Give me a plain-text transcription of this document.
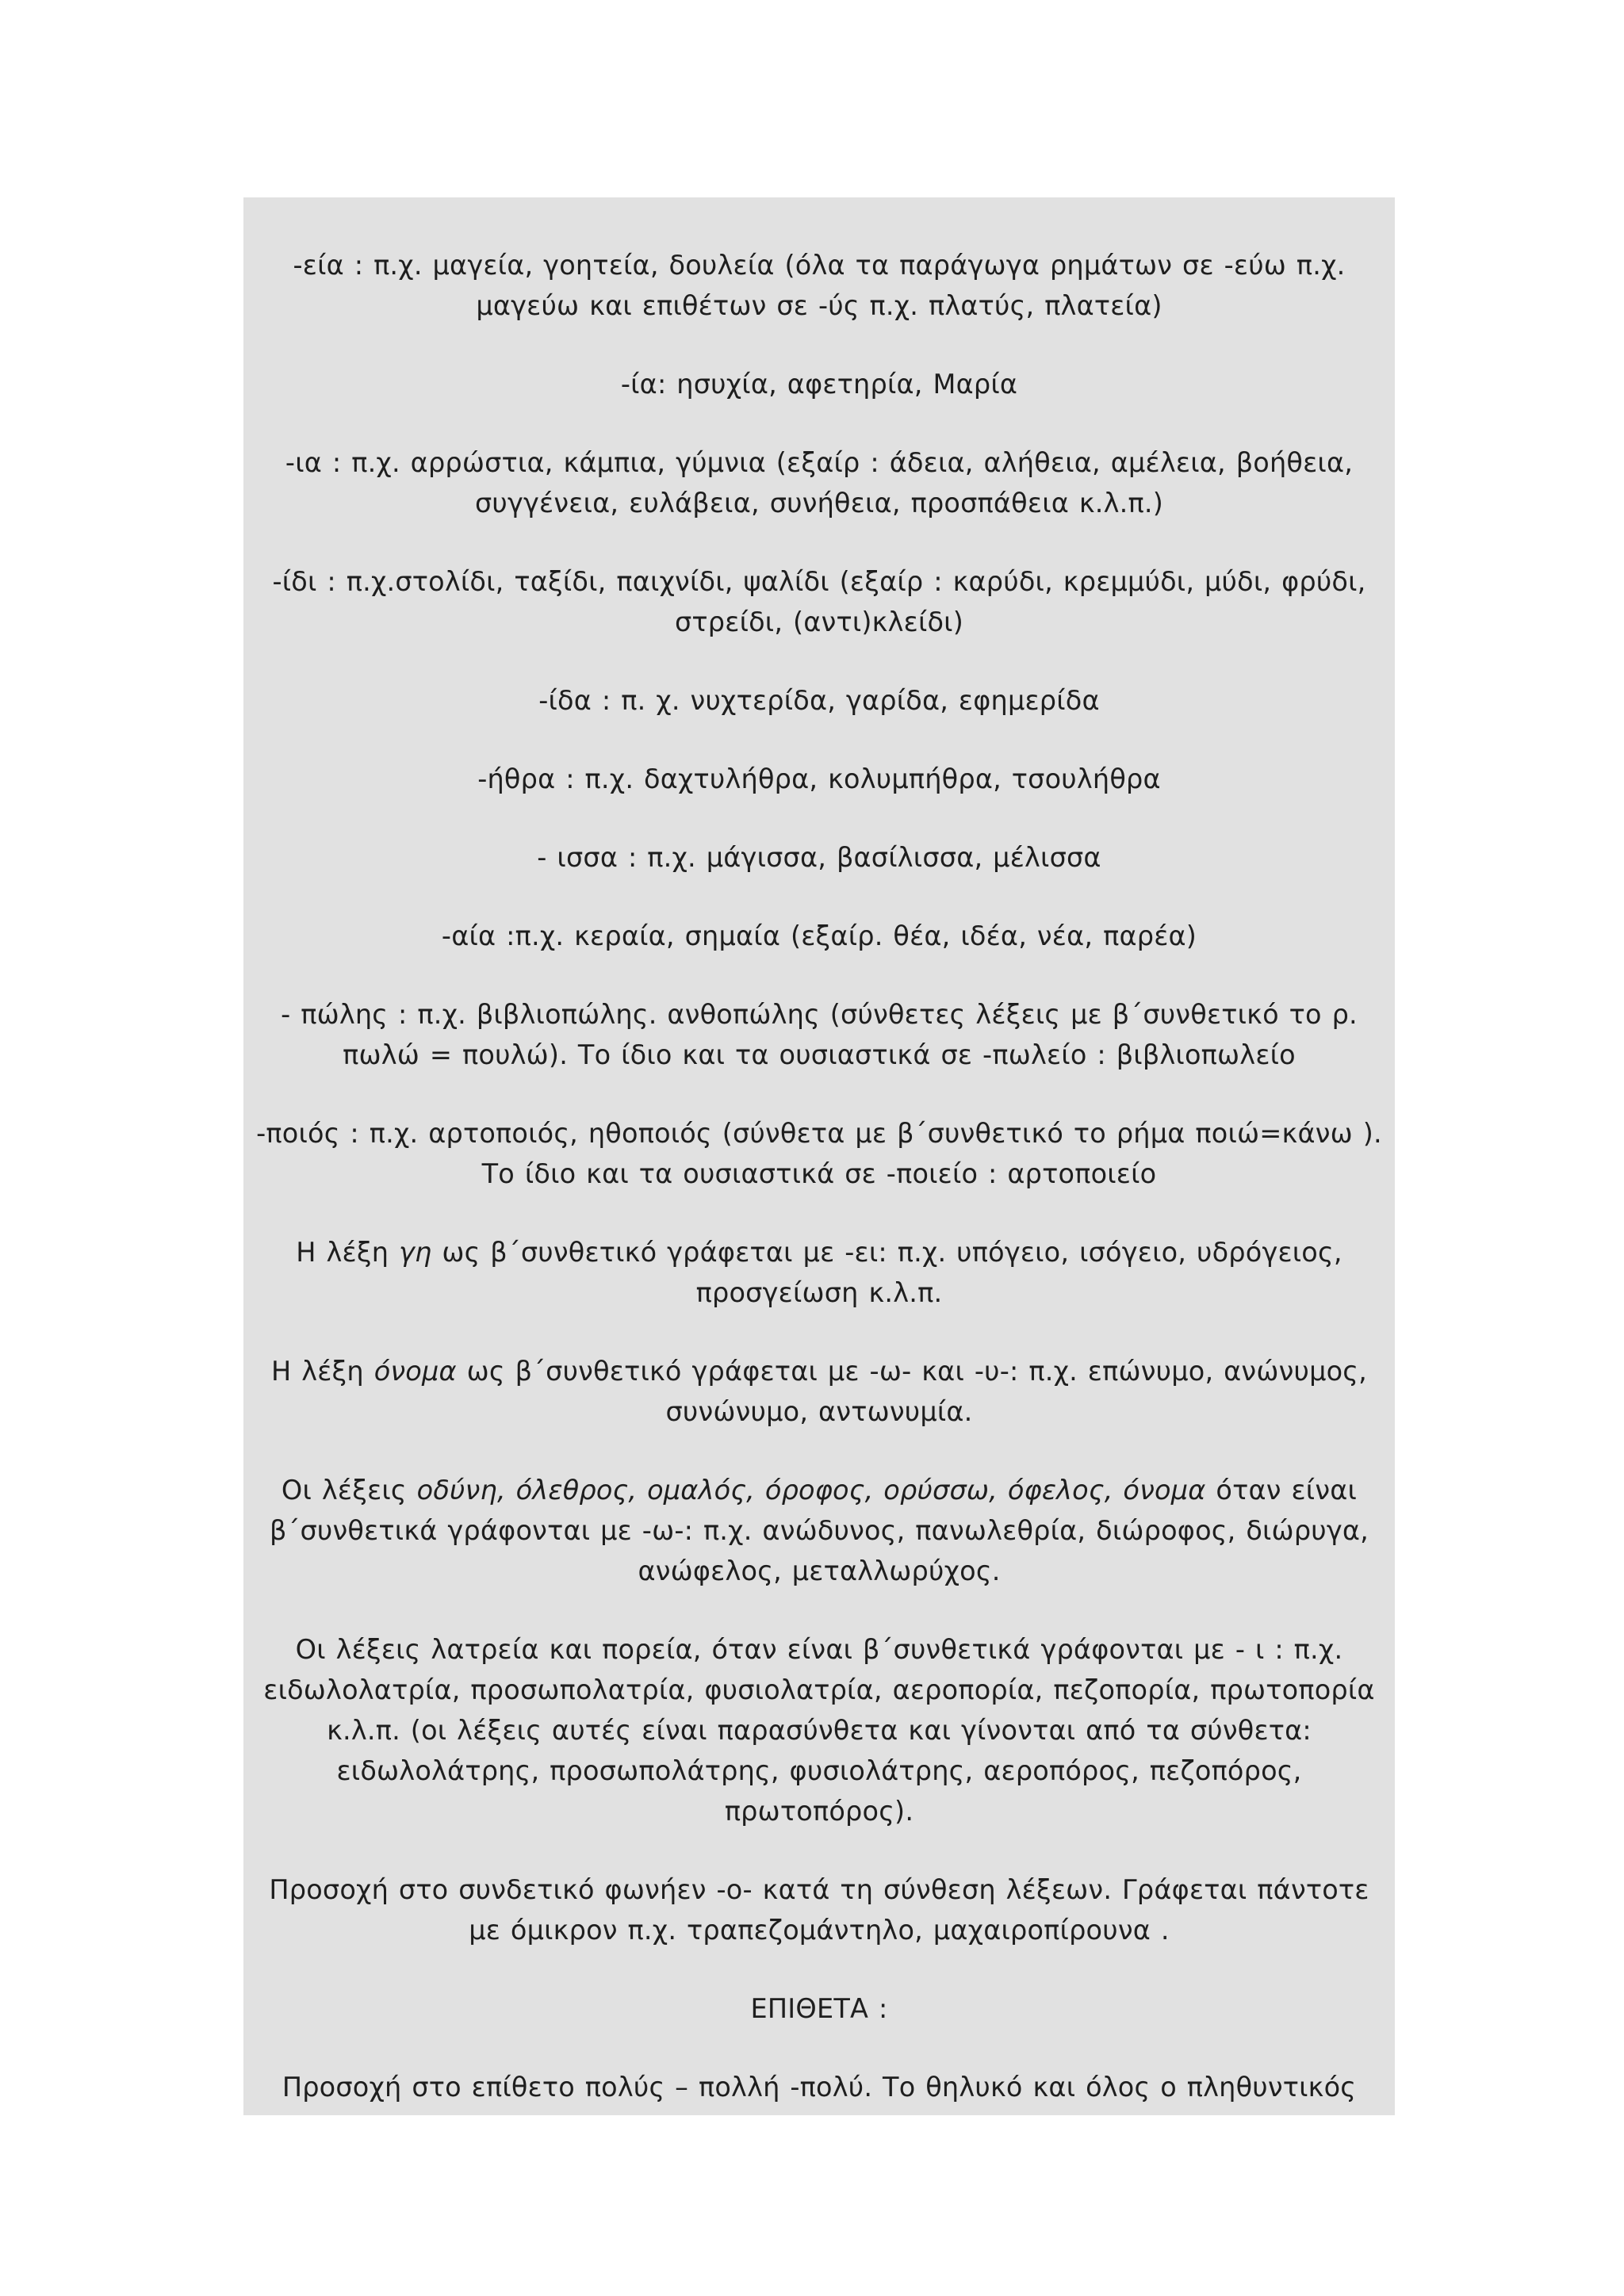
-εία : π.χ. μαγεία, γοητεία, δουλεία (όλα τα παράγωγα ρημάτων σε -εύω π.χ. μαγεύω και επιθέτων σε -ύς π.χ. πλατύς, πλατεία)

-ία: ησυχία, αφετηρία, Μαρία

-ια : π.χ. αρρώστια, κάμπια, γύμνια (εξαίρ : άδεια, αλήθεια, αμέλεια, βοήθεια, συγγένεια, ευλάβεια, συνήθεια, προσπάθεια κ.λ.π.)

-ίδι : π.χ.στολίδι, ταξίδι, παιχνίδι, ψαλίδι (εξαίρ : καρύδι, κρεμμύδι, μύδι, φρύδι, στρείδι, (αντι)κλείδι)

-ίδα : π. χ. νυχτερίδα, γαρίδα, εφημερίδα

-ήθρα : π.χ. δαχτυλήθρα, κολυμπήθρα, τσουλήθρα

- ισσα : π.χ. μάγισσα, βασίλισσα, μέλισσα

-αία :π.χ. κεραία, σημαία (εξαίρ. θέα, ιδέα, νέα, παρέα)

- πώλης : π.χ. βιβλιοπώλης. ανθοπώλης (σύνθετες λέξεις με β΄συνθετικό το ρ. πωλώ = πουλώ). Το ίδιο και τα ουσιαστικά σε -πωλείο : βιβλιοπωλείο

-ποιός : π.χ. αρτοποιός, ηθοποιός (σύνθετα με β΄συνθετικό το ρήμα ποιώ=κάνω ). Το ίδιο και τα ουσιαστικά σε -ποιείο : αρτοποιείο

Η λέξη γη ως β΄συνθετικό γράφεται με -ει: π.χ. υπόγειο, ισόγειο, υδρόγειος, προσγείωση κ.λ.π.

Η λέξη όνομα ως β΄συνθετικό γράφεται με -ω- και -υ-: π.χ. επώνυμο, ανώνυμος, συνώνυμο, αντωνυμία.

Οι λέξεις οδύνη, όλεθρος, ομαλός, όροφος, ορύσσω, όφελος, όνομα όταν είναι β΄συνθετικά γράφονται με -ω-: π.χ. ανώδυνος, πανωλεθρία, διώροφος, διώρυγα, ανώφελος, μεταλλωρύχος.

Οι λέξεις λατρεία και πορεία, όταν είναι β΄συνθετικά γράφονται με - ι : π.χ. ειδωλολατρία, προσωπολατρία, φυσιολατρία, αεροπορία, πεζοπορία, πρωτοπορία κ.λ.π. (οι λέξεις αυτές είναι παρασύνθετα και γίνονται από τα σύνθετα: ειδωλολάτρης, προσωπολάτρης, φυσιολάτρης, αεροπόρος, πεζοπόρος, πρωτοπόρος).

Προσοχή στο συνδετικό φωνήεν -ο- κατά τη σύνθεση λέξεων. Γράφεται πάντοτε με όμικρον π.χ. τραπεζομάντηλο, μαχαιροπίρουνα .

ΕΠΙΘΕΤΑ :

Προσοχή στο επίθετο πολύς – πολλή -πολύ. Το θηλυκό και όλος ο πληθυντικός
